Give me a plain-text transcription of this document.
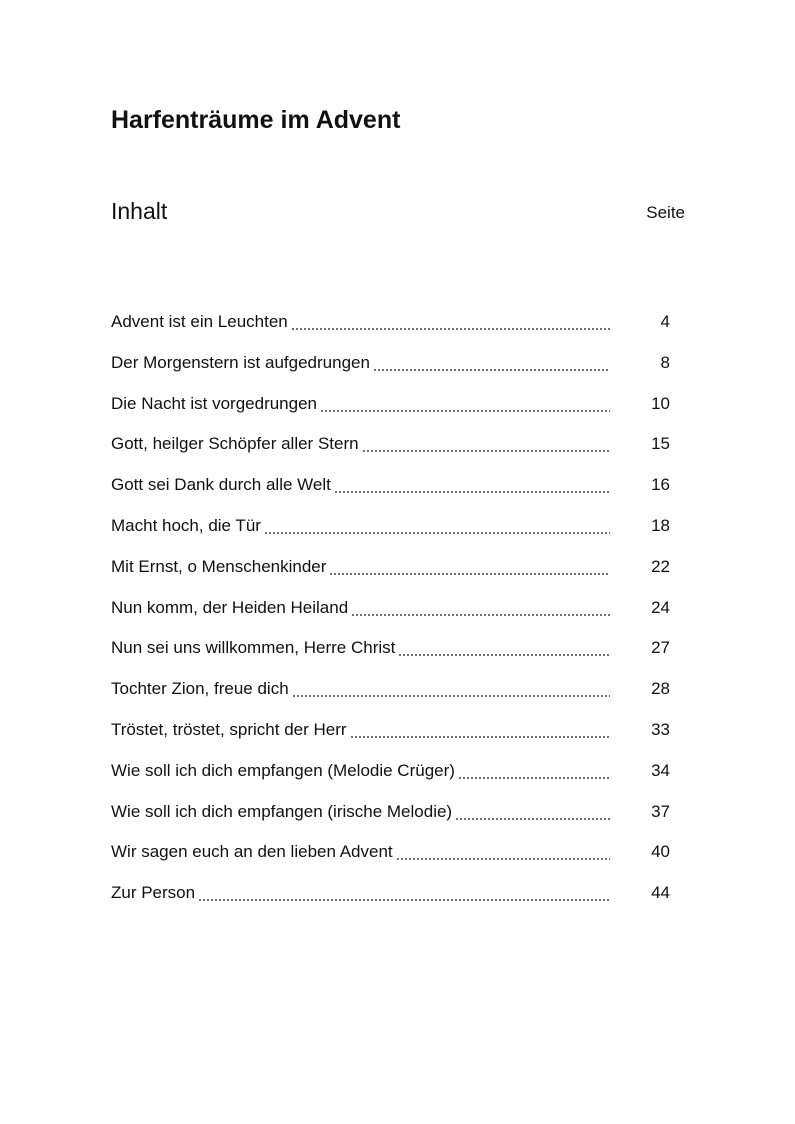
Harfenträume im Advent
Inhalt	Seite
Advent ist ein Leuchten	4
Der Morgenstern ist aufgedrungen	8
Die Nacht ist vorgedrungen	10
Gott, heilger Schöpfer aller Stern	15
Gott sei Dank durch alle Welt	16
Macht hoch, die Tür	18
Mit Ernst, o Menschenkinder	22
Nun komm, der Heiden Heiland	24
Nun sei uns willkommen, Herre Christ	27
Tochter Zion, freue dich	28
Tröstet, tröstet, spricht der Herr	33
Wie soll ich dich empfangen (Melodie Crüger)	34
Wie soll ich dich empfangen (irische Melodie)	37
Wir sagen euch an den lieben Advent	40
Zur Person	44
